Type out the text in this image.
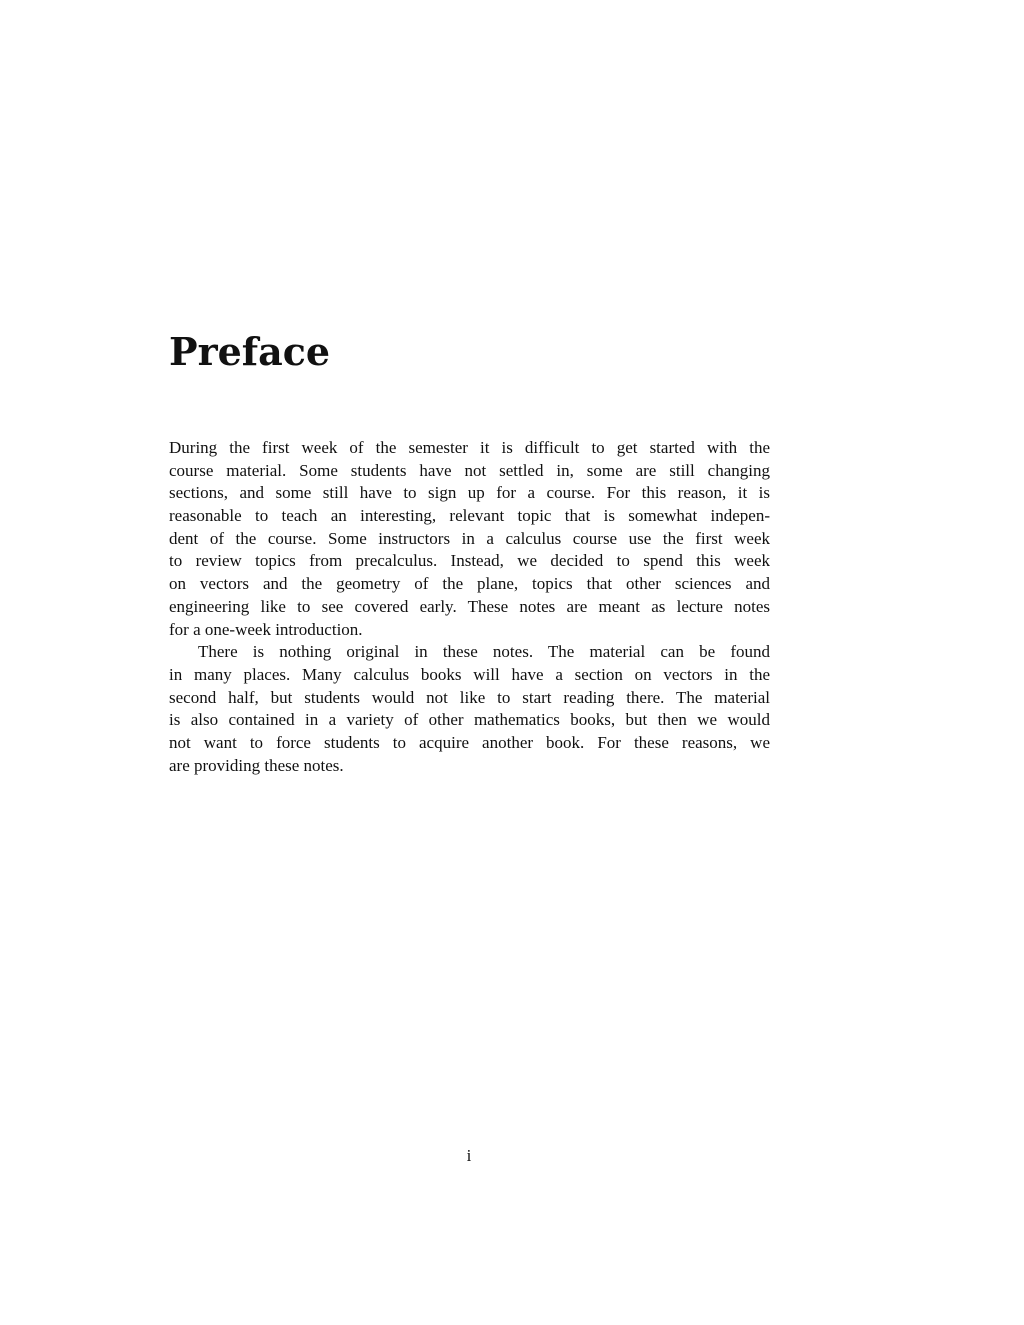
Preface
During the first week of the semester it is difficult to get started with the
course material. Some students have not settled in, some are still changing
sections, and some still have to sign up for a course. For this reason, it is
reasonable to teach an interesting, relevant topic that is somewhat indepen-
dent of the course. Some instructors in a calculus course use the first week
to review topics from precalculus. Instead, we decided to spend this week
on vectors and the geometry of the plane, topics that other sciences and
engineering like to see covered early. These notes are meant as lecture notes
for a one-week introduction.
There is nothing original in these notes. The material can be found
in many places. Many calculus books will have a section on vectors in the
second half, but students would not like to start reading there. The material
is also contained in a variety of other mathematics books, but then we would
not want to force students to acquire another book. For these reasons, we
are providing these notes.
i
